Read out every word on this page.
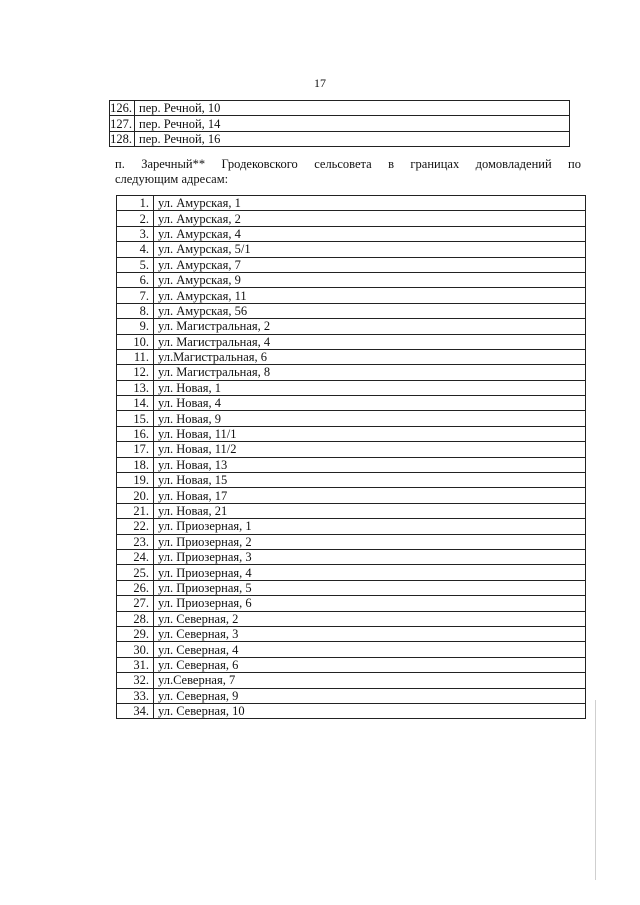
17
126.	пер. Речной, 10
127.	пер. Речной, 14
128.	пер. Речной, 16
п. Заречный** Гродековского сельсовета в границах домовладений по
следующим адресам:
1.	ул. Амурская, 1
2.	ул. Амурская, 2
3.	ул. Амурская, 4
4.	ул. Амурская, 5/1
5.	ул. Амурская, 7
6.	ул. Амурская, 9
7.	ул. Амурская, 11
8.	ул. Амурская, 56
9.	ул. Магистральная, 2
10.	ул. Магистральная, 4
11.	ул.Магистральная, 6
12.	ул. Магистральная, 8
13.	ул. Новая, 1
14.	ул. Новая, 4
15.	ул. Новая, 9
16.	ул. Новая, 11/1
17.	ул. Новая, 11/2
18.	ул. Новая, 13
19.	ул. Новая, 15
20.	ул. Новая, 17
21.	ул. Новая, 21
22.	ул. Приозерная, 1
23.	ул. Приозерная, 2
24.	ул. Приозерная, 3
25.	ул. Приозерная, 4
26.	ул. Приозерная, 5
27.	ул. Приозерная, 6
28.	ул. Северная, 2
29.	ул. Северная, 3
30.	ул. Северная, 4
31.	ул. Северная, 6
32.	ул.Северная, 7
33.	ул. Северная, 9
34.	ул. Северная, 10
